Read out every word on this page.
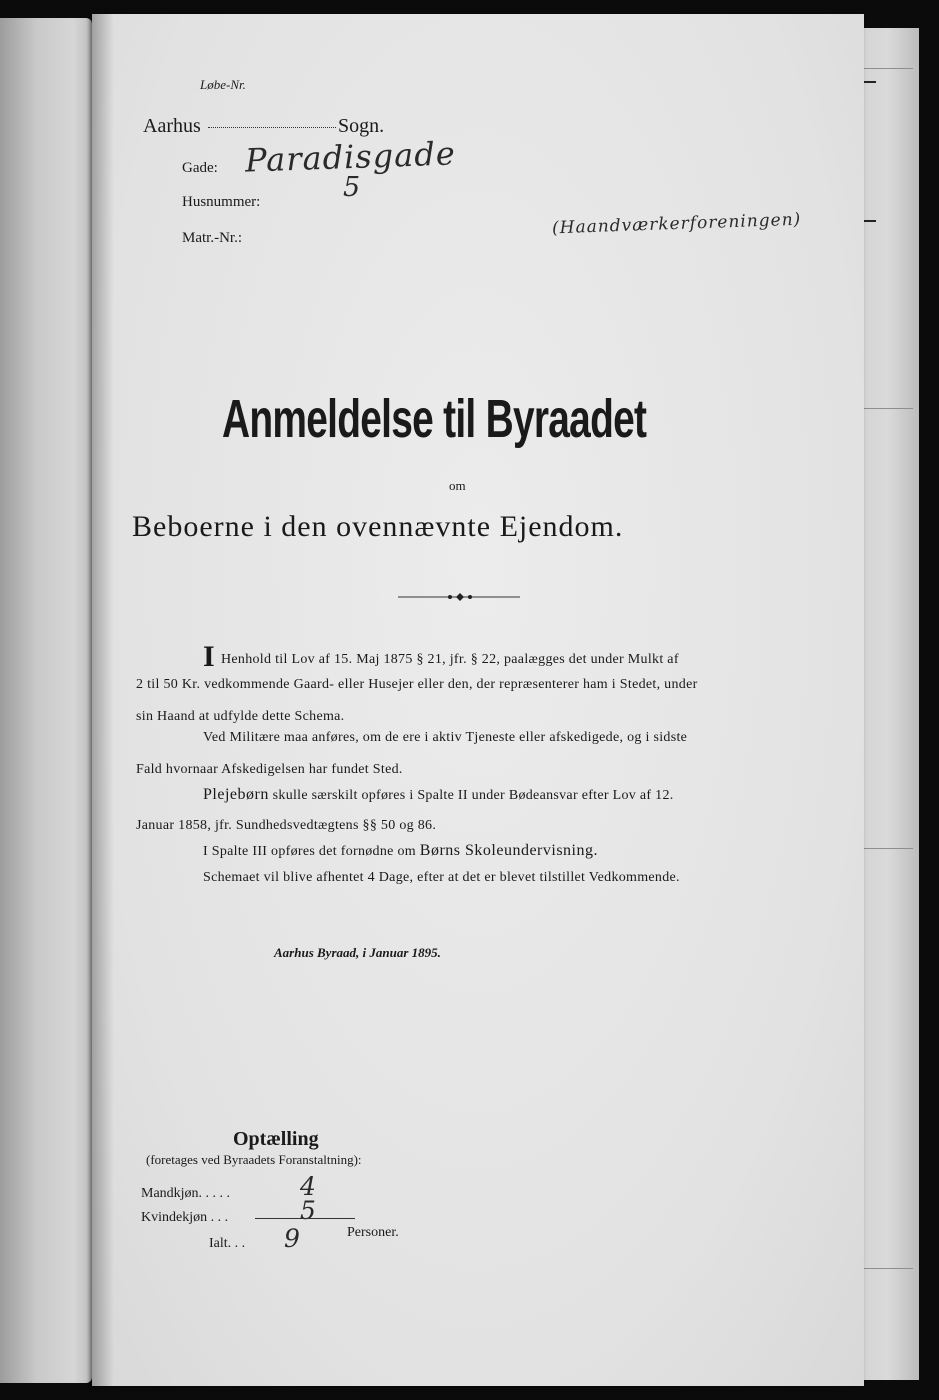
Løbe-Nr.
Aarhus	Sogn.
Gade: Paradisgade
Husnummer:	5
Matr.-Nr.:	(Haandværkerforeningen)
Anmeldelse til Byraadet
om
Beboerne i den ovennævnte Ejendom.
I Henhold til Lov af 15. Maj 1875 § 21, jfr. § 22, paalægges det under Mulkt af
2 til 50 Kr. vedkommende Gaard- eller Husejer eller den, der repræsenterer ham i Stedet, under
sin Haand at udfylde dette Schema.
Ved Militære maa anføres, om de ere i aktiv Tjeneste eller afskedigede, og i sidste
Fald hvornaar Afskedigelsen har fundet Sted.
Plejebørn skulle særskilt opføres i Spalte II under Bødeansvar efter Lov af 12.
Januar 1858, jfr. Sundhedsvedtægtens §§ 50 og 86.
I Spalte III opføres det fornødne om Børns Skoleundervisning.
Schemaet vil blive afhentet 4 Dage, efter at det er blevet tilstillet Vedkommende.
Aarhus Byraad, i Januar 1895.
Optælling
(foretages ved Byraadets Foranstaltning):
Mandkjøn. . . . .	4
Kvindekjøn . . .	5
Ialt. . . 9	Personer.
